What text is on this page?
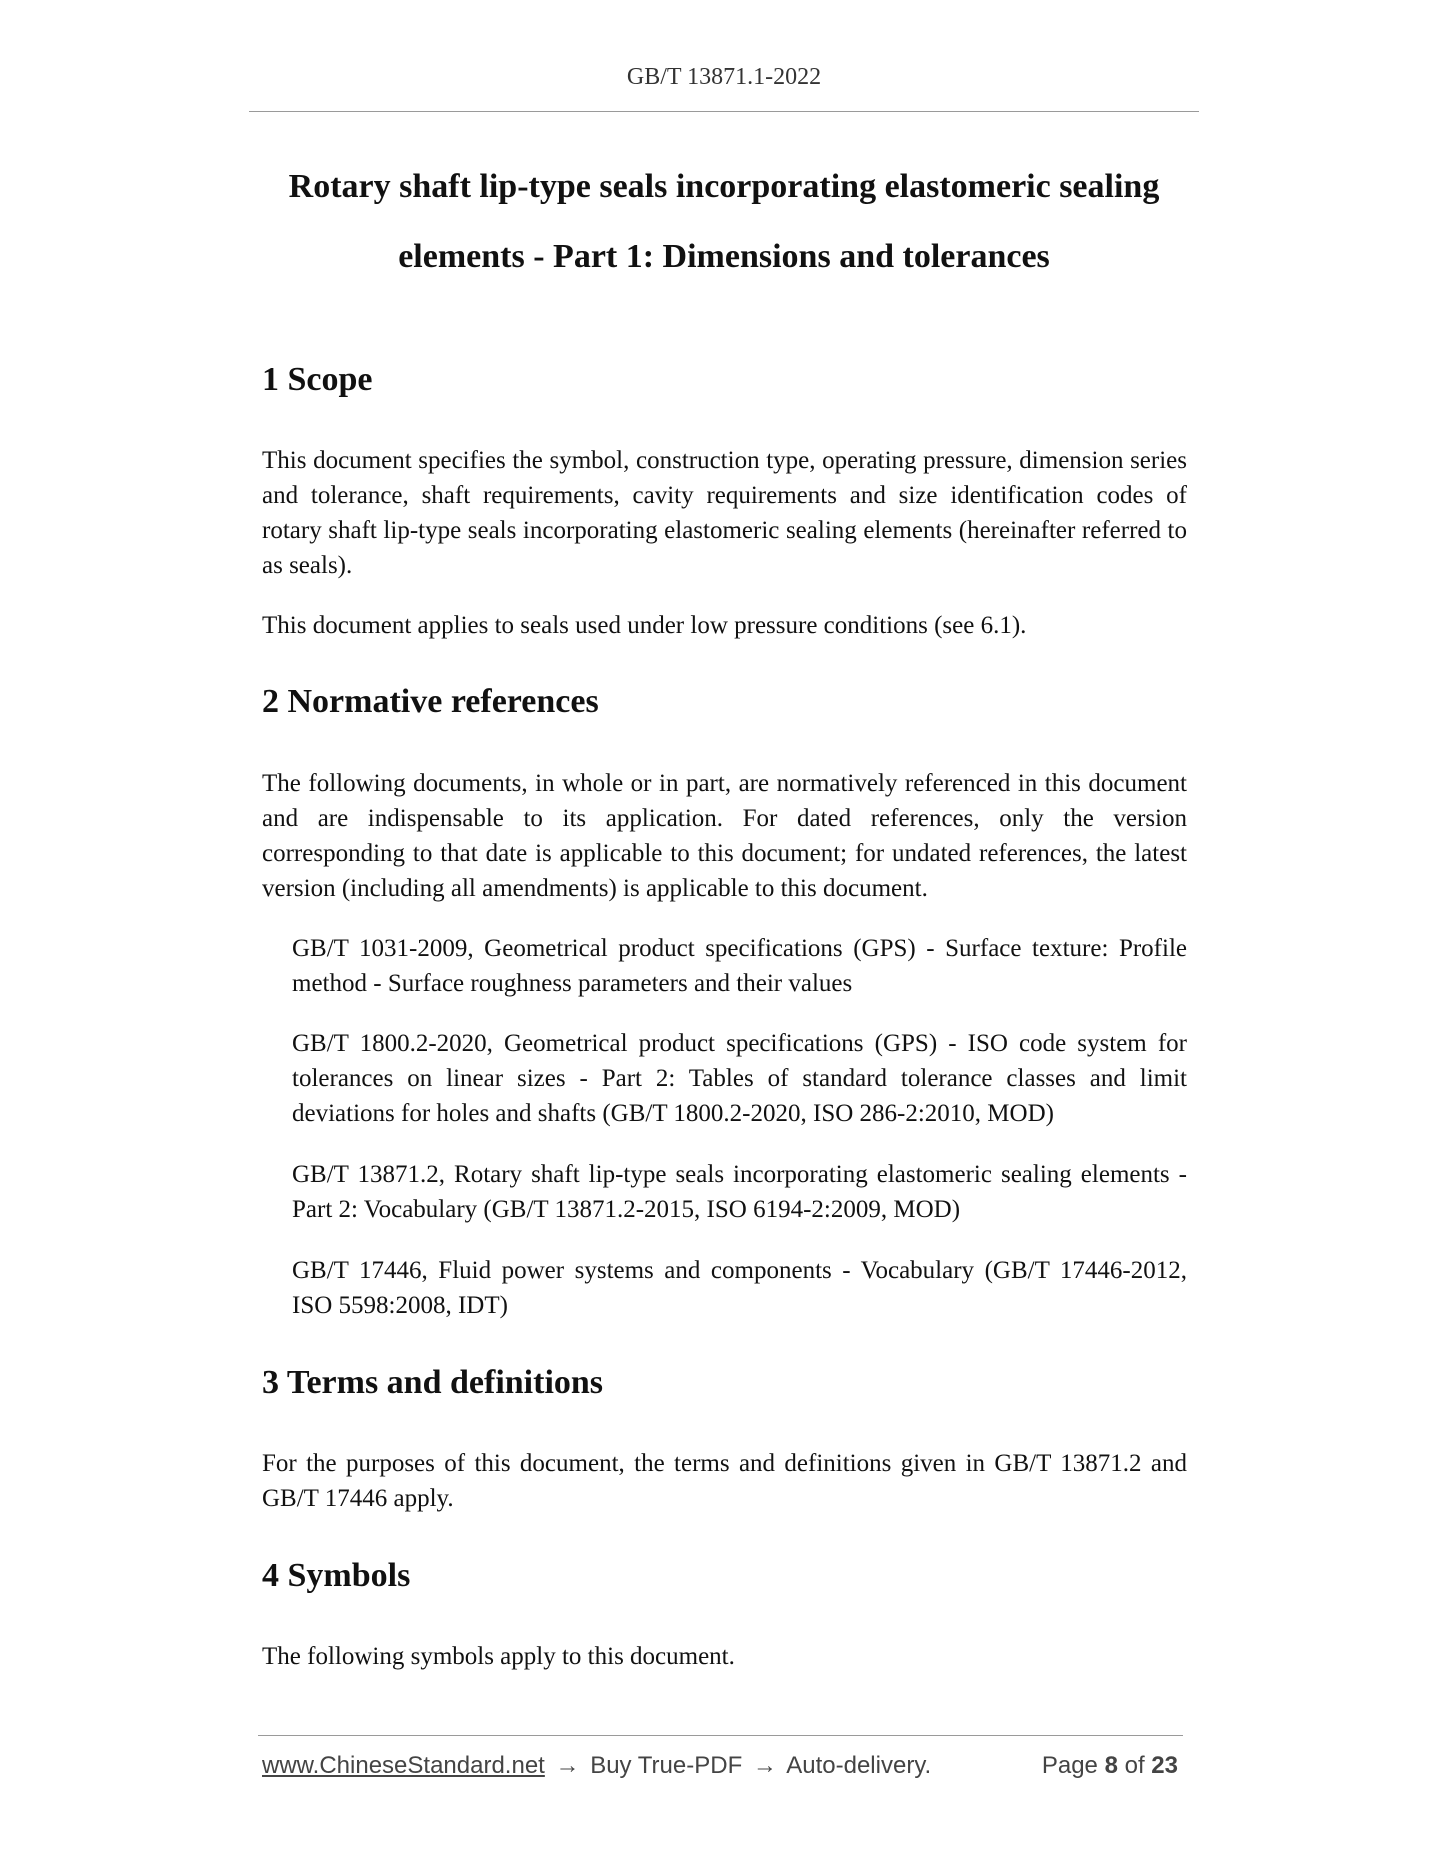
GB/T 13871.1-2022
Rotary shaft lip-type seals incorporating elastomeric sealing
elements - Part 1: Dimensions and tolerances
1 Scope

This document specifies the symbol, construction type, operating pressure, dimension series and tolerance, shaft requirements, cavity requirements and size identification codes of rotary shaft lip-type seals incorporating elastomeric sealing elements (hereinafter referred to as seals).

This document applies to seals used under low pressure conditions (see 6.1).

2 Normative references

The following documents, in whole or in part, are normatively referenced in this document and are indispensable to its application. For dated references, only the version corresponding to that date is applicable to this document; for undated references, the latest version (including all amendments) is applicable to this document.

GB/T 1031-2009, Geometrical product specifications (GPS) - Surface texture: Profile method - Surface roughness parameters and their values

GB/T 1800.2-2020, Geometrical product specifications (GPS) - ISO code system for tolerances on linear sizes - Part 2: Tables of standard tolerance classes and limit deviations for holes and shafts (GB/T 1800.2-2020, ISO 286-2:2010, MOD)

GB/T 13871.2, Rotary shaft lip-type seals incorporating elastomeric sealing elements - Part 2: Vocabulary (GB/T 13871.2-2015, ISO 6194-2:2009, MOD)

GB/T 17446, Fluid power systems and components - Vocabulary (GB/T 17446-2012, ISO 5598:2008, IDT)

3 Terms and definitions

For the purposes of this document, the terms and definitions given in GB/T 13871.2 and GB/T 17446 apply.

4 Symbols

The following symbols apply to this document.

www.ChineseStandard.net → Buy True-PDF → Auto-delivery.	Page 8 of 23
